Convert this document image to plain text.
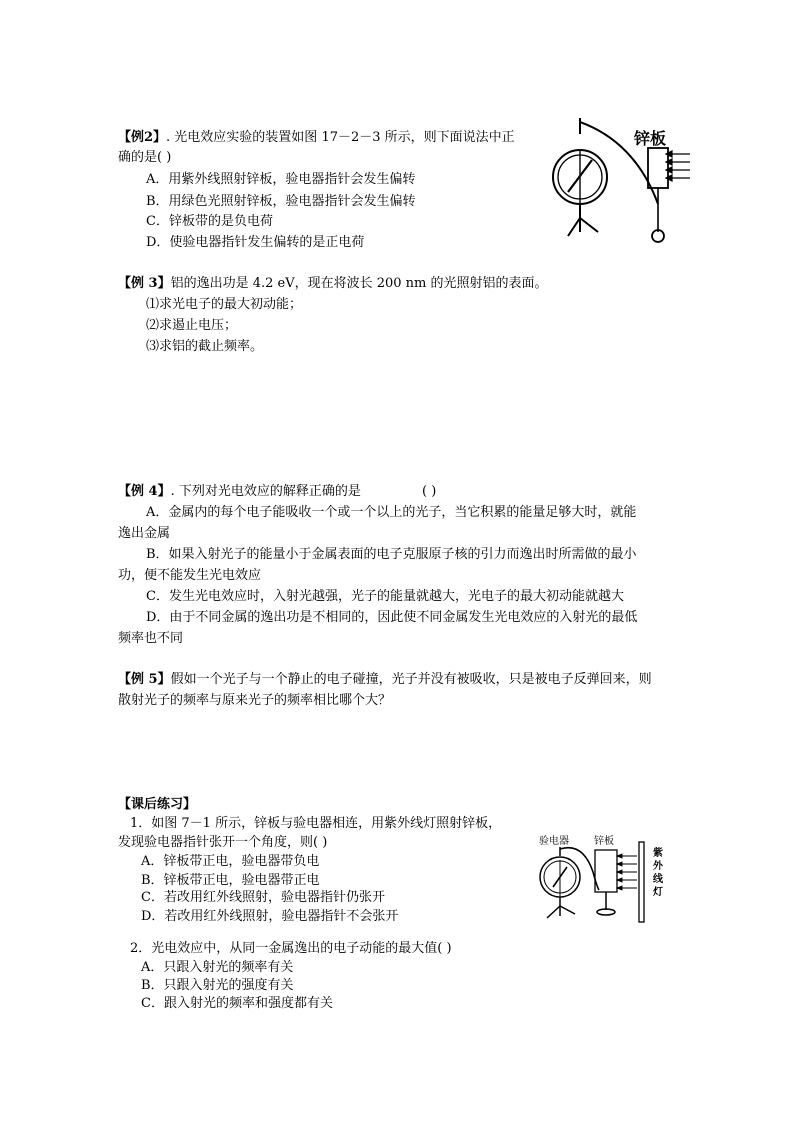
【例2】. 光电效应实验的装置如图 17－2－3 所示，则下面说法中正
确的是( )
A．用紫外线照射锌板，验电器指针会发生偏转
B．用绿色光照射锌板，验电器指针会发生偏转
C．锌板带的是负电荷
D．使验电器指针发生偏转的是正电荷
锌板
【例 3】铝的逸出功是 4.2 eV，现在将波长 200 nm 的光照射铝的表面。
⑴求光电子的最大初动能；
⑵求遏止电压；
⑶求铝的截止频率。
【例 4】. 下列对光电效应的解释正确的是	( )
A．金属内的每个电子能吸收一个或一个以上的光子，当它积累的能量足够大时，就能
逸出金属
B．如果入射光子的能量小于金属表面的电子克服原子核的引力而逸出时所需做的最小
功，便不能发生光电效应
C．发生光电效应时，入射光越强，光子的能量就越大，光电子的最大初动能就越大
D．由于不同金属的逸出功是不相同的，因此使不同金属发生光电效应的入射光的最低
频率也不同
【例 5】假如一个光子与一个静止的电子碰撞，光子并没有被吸收，只是被电子反弹回来，则
散射光子的频率与原来光子的频率相比哪个大？
【课后练习】
1．如图 7－1 所示，锌板与验电器相连，用紫外线灯照射锌板，
发现验电器指针张开一个角度，则( )
A．锌板带正电，验电器带负电
B．锌板带正电，验电器带正电
C．若改用红外线照射，验电器指针仍张开
D．若改用红外线照射，验电器指针不会张开
验电器	锌板
紫
外
线
灯
2．光电效应中，从同一金属逸出的电子动能的最大值( )
A．只跟入射光的频率有关
B．只跟入射光的强度有关
C．跟入射光的频率和强度都有关
